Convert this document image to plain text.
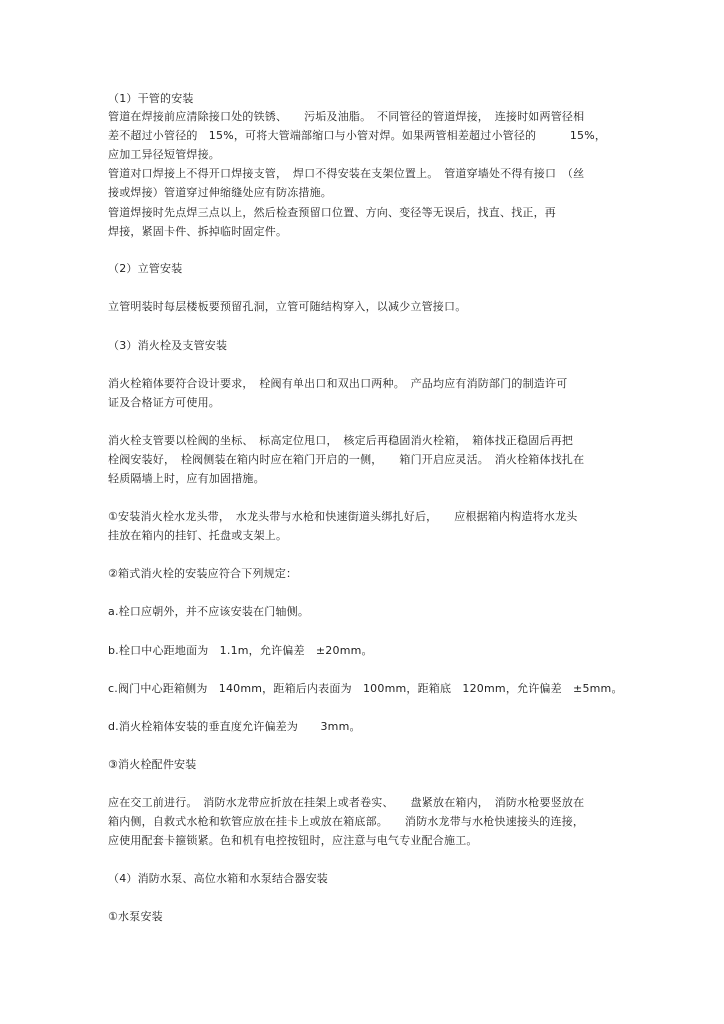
（1）干管的安装
管道在焊接前应清除接口处的铁锈、　　污垢及油脂。　不同管径的管道焊接，　连接时如两管径相
差不超过小管径的　15%，可将大管端部缩口与小管对焊。如果两管相差超过小管径的　　　15%，
应加工异径短管焊接。
管道对口焊接上不得开口焊接支管，　焊口不得安装在支架位置上。　管道穿墙处不得有接口　（丝
接或焊接）管道穿过伸缩缝处应有防冻措施。
管道焊接时先点焊三点以上，然后检查预留口位置、方向、变径等无误后，找直、找正，再
焊接，紧固卡件、拆掉临时固定件。
（2）立管安装
立管明装时每层楼板要预留孔洞，立管可随结构穿入，以减少立管接口。
（3）消火栓及支管安装
消火栓箱体要符合设计要求，　栓阀有单出口和双出口两种。　产品均应有消防部门的制造许可
证及合格证方可使用。
消火栓支管要以栓阀的坐标、　标高定位甩口，　核定后再稳固消火栓箱，　箱体找正稳固后再把
栓阀安装好，　栓阀侧装在箱内时应在箱门开启的一侧，　　箱门开启应灵活。　消火栓箱体找扎在
轻质隔墙上时，应有加固措施。
①安装消火栓水龙头带，　水龙头带与水枪和快速街道头绑扎好后，　　应根据箱内构造将水龙头
挂放在箱内的挂钉、托盘或支架上。
②箱式消火栓的安装应符合下列规定：
a.栓口应朝外，并不应该安装在门轴侧。
b.栓口中心距地面为　1.1m，允许偏差　±20mm。
c.阀门中心距箱侧为　140mm，距箱后内表面为　100mm，距箱底　120mm，允许偏差　±5mm。
d.消火栓箱体安装的垂直度允许偏差为　　3mm。
③消火栓配件安装
应在交工前进行。　消防水龙带应折放在挂架上或者卷实、　　盘紧放在箱内，　消防水枪要竖放在
箱内侧，自救式水枪和软管应放在挂卡上或放在箱底部。　　消防水龙带与水枪快速接头的连接，
应使用配套卡箍锁紧。色和机有电控按钮时，应注意与电气专业配合施工。
（4）消防水泵、高位水箱和水泵结合器安装
①水泵安装
